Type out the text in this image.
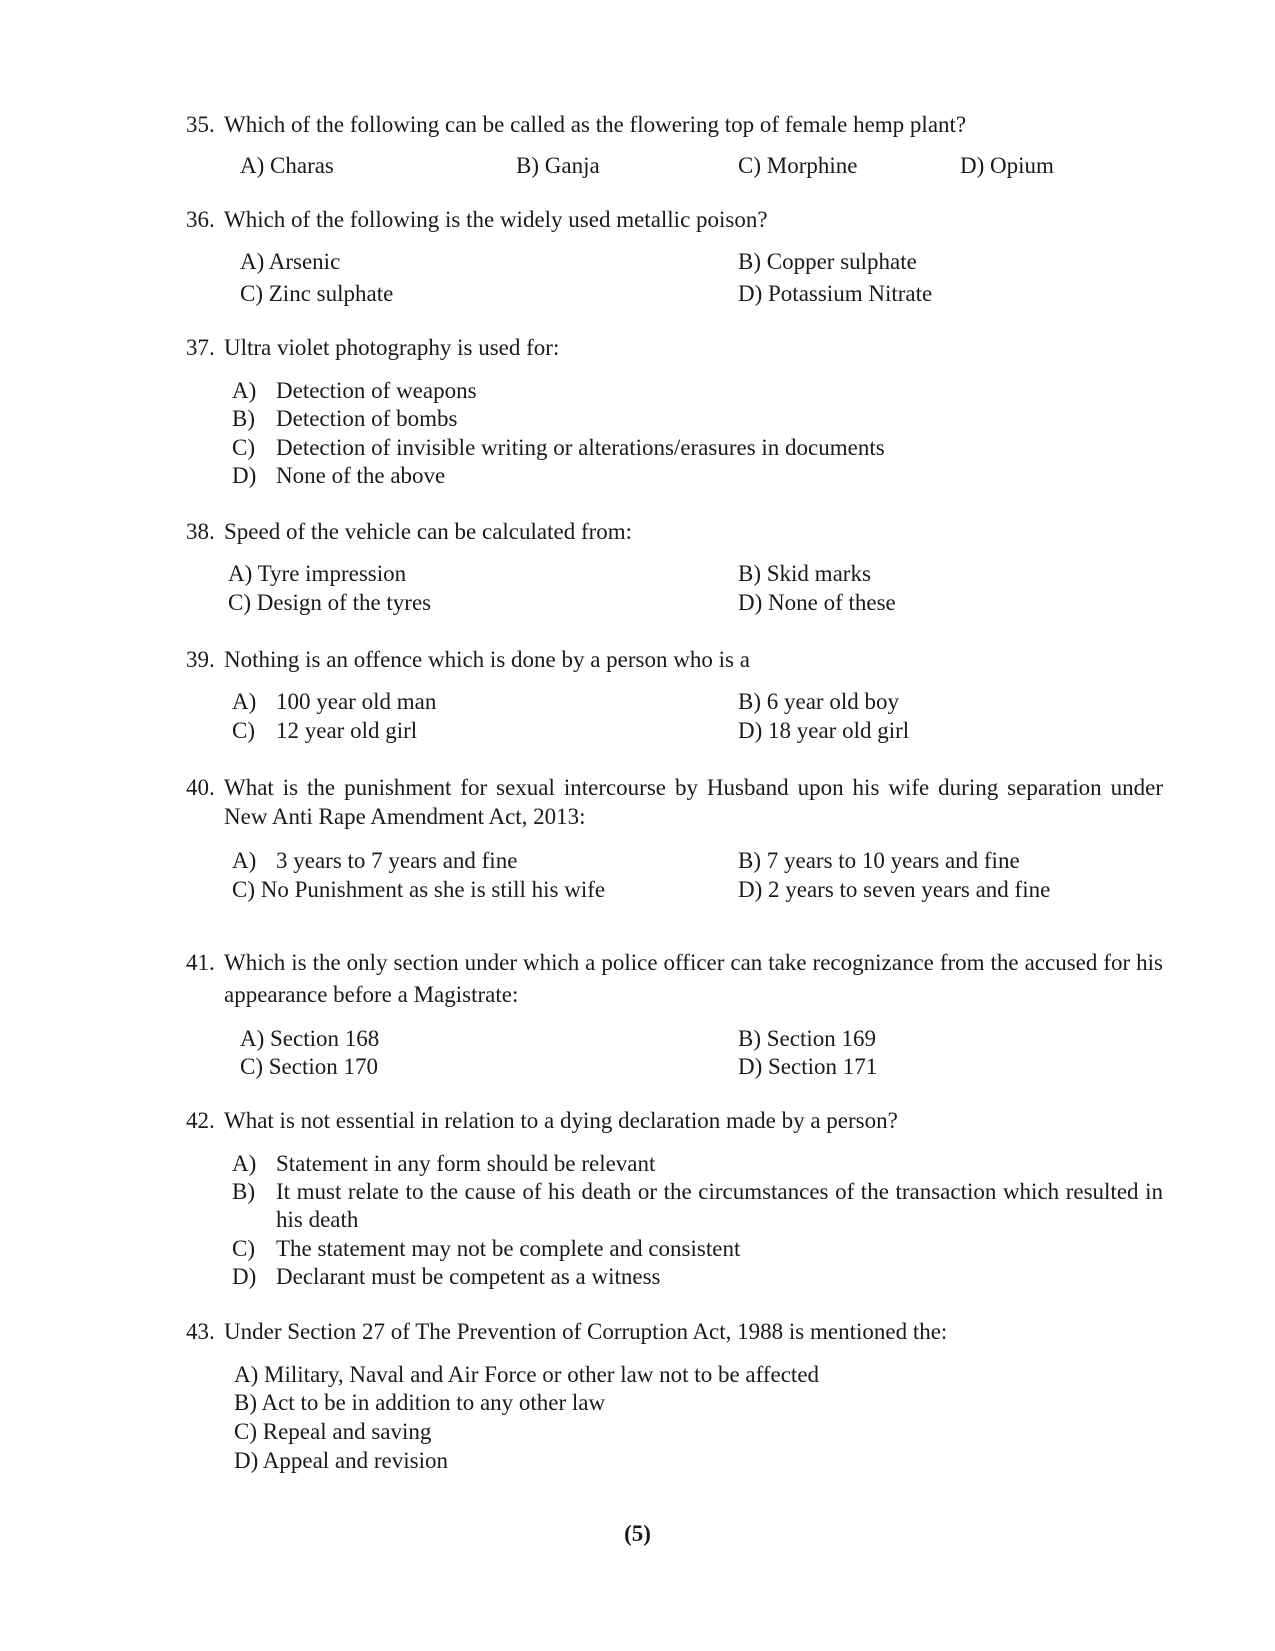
35. Which of the following can be called as the flowering top of female hemp plant?
A) Charas	B) Ganja	C) Morphine	D) Opium
36. Which of the following is the widely used metallic poison?
A) Arsenic	B) Copper sulphate
C) Zinc sulphate	D) Potassium Nitrate
37. Ultra violet photography is used for:
A) Detection of weapons
B) Detection of bombs
C) Detection of invisible writing or alterations/erasures in documents
D) None of the above
38. Speed of the vehicle can be calculated from:
A) Tyre impression	B) Skid marks
C) Design of the tyres	D) None of these
39. Nothing is an offence which is done by a person who is a
A) 100 year old man	B) 6 year old boy
C) 12 year old girl	D) 18 year old girl
40. What is the punishment for sexual intercourse by Husband upon his wife during separation under New Anti Rape Amendment Act, 2013:
A) 3 years to 7 years and fine	B) 7 years to 10 years and fine
C) No Punishment as she is still his wife	D) 2 years to seven years and fine
41. Which is the only section under which a police officer can take recognizance from the accused for his appearance before a Magistrate:
A) Section 168	B) Section 169
C) Section 170	D) Section 171
42. What is not essential in relation to a dying declaration made by a person?
A) Statement in any form should be relevant
B) It must relate to the cause of his death or the circumstances of the transaction which resulted in his death
C) The statement may not be complete and consistent
D) Declarant must be competent as a witness
43. Under Section 27 of The Prevention of Corruption Act, 1988 is mentioned the:
A) Military, Naval and Air Force or other law not to be affected
B) Act to be in addition to any other law
C) Repeal and saving
D) Appeal and revision
(5)
